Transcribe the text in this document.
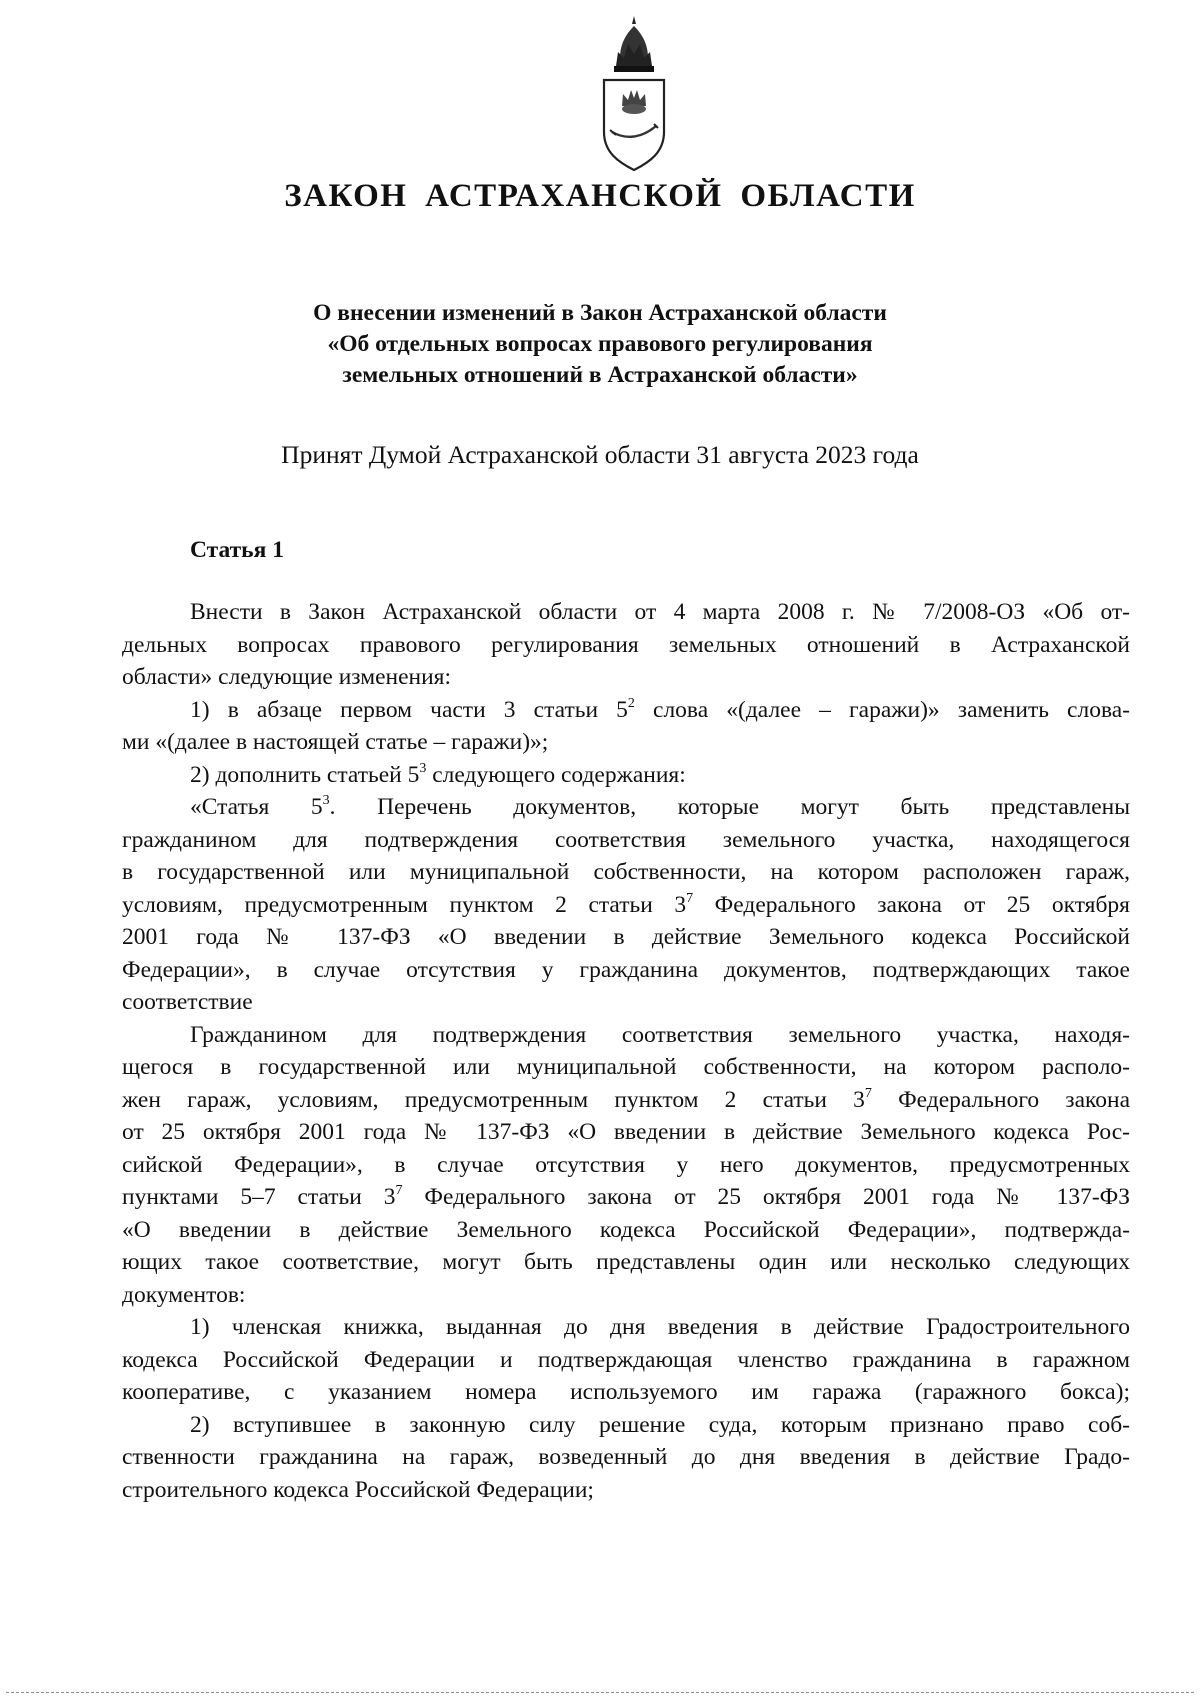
ЗАКОН АСТРАХАНСКОЙ ОБЛАСТИ
О внесении изменений в Закон Астраханской области
«Об отдельных вопросах правового регулирования
земельных отношений в Астраханской области»
Принят Думой Астраханской области 31 августа 2023 года
Статья 1
Внести в Закон Астраханской области от 4 марта 2008 г. № 7/2008-ОЗ «Об от-
дельных вопросах правового регулирования земельных отношений в Астраханской
области» следующие изменения:
1) в абзаце первом части 3 статьи $5^2$ слова «(далее – гаражи)» заменить слова-
ми «(далее в настоящей статье – гаражи)»;
2) дополнить статьей $5^3$ следующего содержания:
«Статья $5^3$. Перечень документов, которые могут быть представлены
гражданином для подтверждения соответствия земельного участка, находящегося
в государственной или муниципальной собственности, на котором расположен гараж,
условиям, предусмотренным пунктом 2 статьи $3^7$ Федерального закона от 25 октября
2001 года № 137-ФЗ «О введении в действие Земельного кодекса Российской
Федерации», в случае отсутствия у гражданина документов, подтверждающих такое
соответствие
Гражданином для подтверждения соответствия земельного участка, находя-
щегося в государственной или муниципальной собственности, на котором располо-
жен гараж, условиям, предусмотренным пунктом 2 статьи $3^7$ Федерального закона
от 25 октября 2001 года № 137-ФЗ «О введении в действие Земельного кодекса Рос-
сийской Федерации», в случае отсутствия у него документов, предусмотренных
пунктами 5–7 статьи $3^7$ Федерального закона от 25 октября 2001 года № 137-ФЗ
«О введении в действие Земельного кодекса Российской Федерации», подтвержда-
ющих такое соответствие, могут быть представлены один или несколько следующих
документов:
1) членская книжка, выданная до дня введения в действие Градостроительного
кодекса Российской Федерации и подтверждающая членство гражданина в гаражном
кооперативе, с указанием номера используемого им гаража (гаражного бокса);
2) вступившее в законную силу решение суда, которым признано право соб-
ственности гражданина на гараж, возведенный до дня введения в действие Градо-
строительного кодекса Российской Федерации;
